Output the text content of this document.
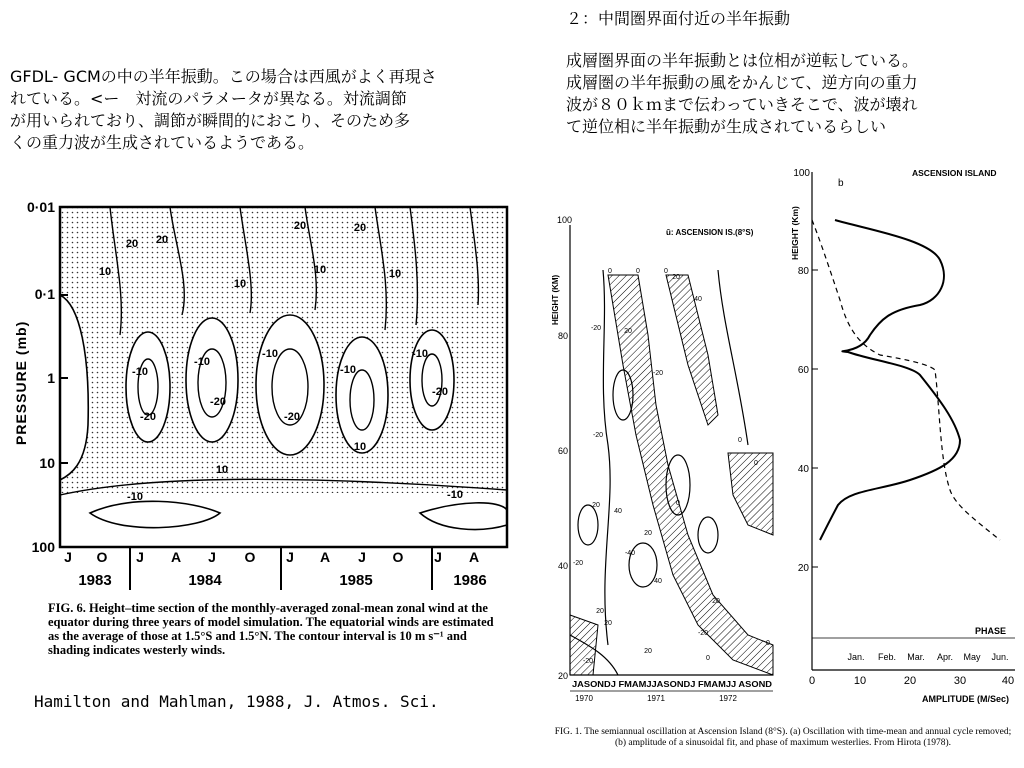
２：中間圏界面付近の半年振動
GFDL- GCMの中の半年振動。この場合は西風がよく再現さ
れている。<ー　対流のパラメータが異なる。対流調節
が用いられており、調節が瞬間的におこり、そのため多
くの重力波が生成されているようである。
成層圏界面の半年振動とは位相が逆転している。
成層圏の半年振動の風をかんじて、逆方向の重力
波が８０ｋｍまで伝わっていきそこで、波が壊れ
て逆位相に半年振動が生成されているらしい
0·01
0·1
1
10
100
PRESSURE (mb)
20
10
20
10
20
10
20
10
-10
-20
-10
-20
-10
-20
-10
-20
-10
10
-10
10
-10
J O J A J O J A J O J A
1983	1984	1985	1986
FIG. 6. Height–time section of the monthly-averaged zonal-mean zonal wind at the
equator during three years of model simulation. The equatorial winds are estimated
as the average of those at 1.5°S and 1.5°N. The contour interval is 10 m s⁻¹ and
shading indicates westerly winds.
Hamilton and Mahlman, 1988, J. Atmos. Sci.
ū: ASCENSION IS.(8°S)
100
80
60
40
20
HEIGHT (KM)
0	0	0
20
40
-20	20
-20
-20
0
20
40
0
20
-40
20
40
20
-20
0
0
20
-20
20
0
-20
JASONDJ FMAMJJASONDJ FMAMJJ ASOND
1970	1971	1972
100
80
60
40
20
HEIGHT (Km)
b
ASCENSION ISLAND
PHASE
Jan. Feb. Mar. Apr. May Jun.
0	10	20	30	40
AMPLITUDE (M/Sec)
FIG. 1. The semiannual oscillation at Ascension Island (8°S). (a) Oscillation with time-mean and annual cycle removed;
(b) amplitude of a sinusoidal fit, and phase of maximum westerlies. From Hirota (1978).
